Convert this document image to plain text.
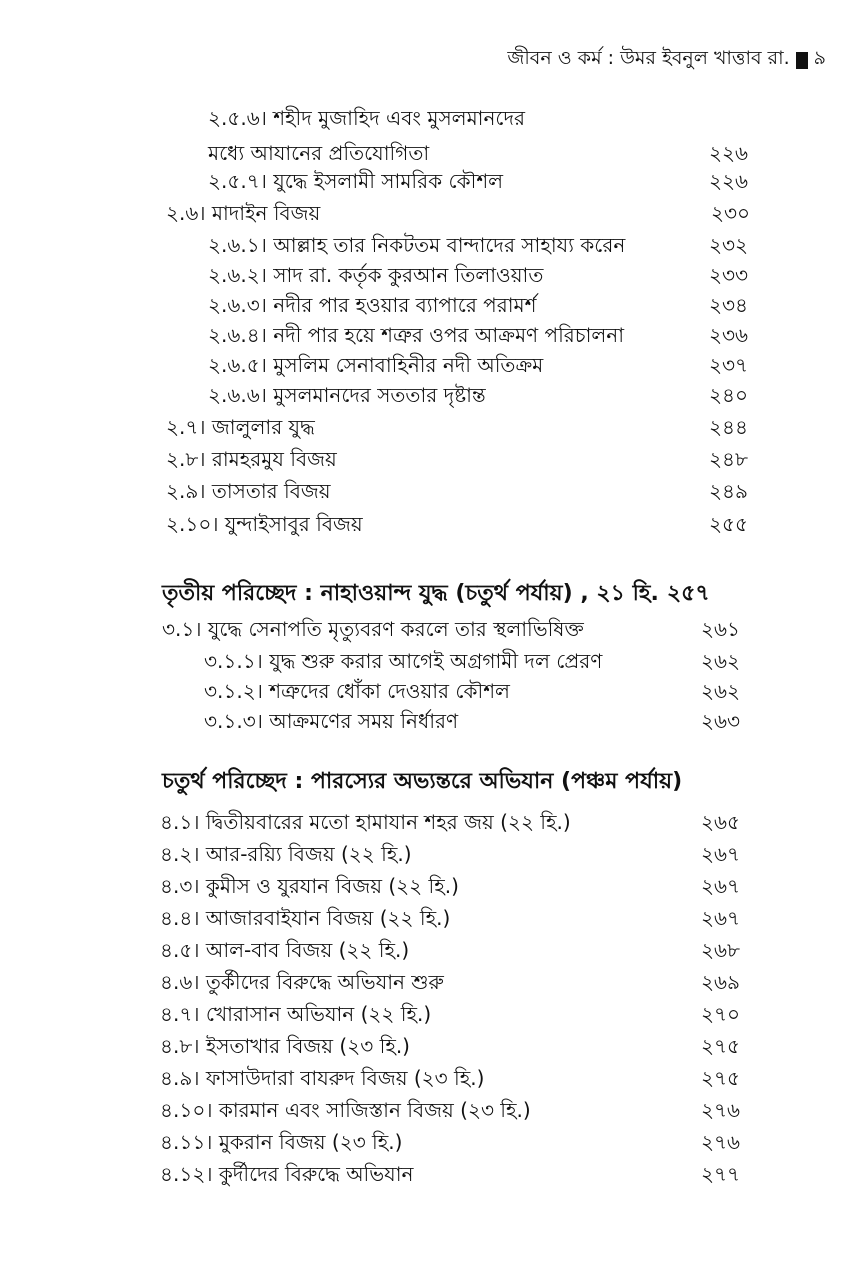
জীবন ও কর্ম : উমর ইবনুল খাত্তাব রা. ৯
২.৫.৬। শহীদ মুজাহিদ এবং মুসলমানদের
মধ্যে আযানের প্রতিযোগিতা	২২৬
২.৫.৭। যুদ্ধে ইসলামী সামরিক কৌশল	২২৬
২.৬। মাদাইন বিজয়	২৩০
২.৬.১। আল্লাহ তার নিকটতম বান্দাদের সাহায্য করেন	২৩২
২.৬.২। সাদ রা. কর্তৃক কুরআন তিলাওয়াত	২৩৩
২.৬.৩। নদীর পার হওয়ার ব্যাপারে পরামর্শ	২৩৪
২.৬.৪। নদী পার হয়ে শত্রুর ওপর আক্রমণ পরিচালনা	২৩৬
২.৬.৫। মুসলিম সেনাবাহিনীর নদী অতিক্রম	২৩৭
২.৬.৬। মুসলমানদের সততার দৃষ্টান্ত	২৪০
২.৭। জালুলার যুদ্ধ	২৪৪
২.৮। রামহরমুয বিজয়	২৪৮
২.৯। তাসতার বিজয়	২৪৯
২.১০। যুন্দাইসাবুর বিজয়	২৫৫
তৃতীয় পরিচ্ছেদ : নাহাওয়ান্দ যুদ্ধ (চতুর্থ পর্যায়) , ২১ হি. ২৫৭
৩.১। যুদ্ধে সেনাপতি মৃত্যুবরণ করলে তার স্থলাভিষিক্ত	২৬১
৩.১.১। যুদ্ধ শুরু করার আগেই অগ্রগামী দল প্রেরণ	২৬২
৩.১.২। শত্রুদের ধোঁকা দেওয়ার কৌশল	২৬২
৩.১.৩। আক্রমণের সময় নির্ধারণ	২৬৩
চতুর্থ পরিচ্ছেদ : পারস্যের অভ্যন্তরে অভিযান (পঞ্চম পর্যায়)
৪.১। দ্বিতীয়বারের মতো হামাযান শহর জয় (২২ হি.)	২৬৫
৪.২। আর-রয়্যি বিজয় (২২ হি.)	২৬৭
৪.৩। কুমীস ও যুরযান বিজয় (২২ হি.)	২৬৭
৪.৪। আজারবাইযান বিজয় (২২ হি.)	২৬৭
৪.৫। আল-বাব বিজয় (২২ হি.)	২৬৮
৪.৬। তুর্কীদের বিরুদ্ধে অভিযান শুরু	২৬৯
৪.৭। খোরাসান অভিযান (২২ হি.)	২৭০
৪.৮। ইসতাখার বিজয় (২৩ হি.)	২৭৫
৪.৯। ফাসাউদারা বাযরুদ বিজয় (২৩ হি.)	২৭৫
৪.১০। কারমান এবং সাজিস্তান বিজয় (২৩ হি.)	২৭৬
৪.১১। মুকরান বিজয় (২৩ হি.)	২৭৬
৪.১২। কুর্দীদের বিরুদ্ধে অভিযান	২৭৭
